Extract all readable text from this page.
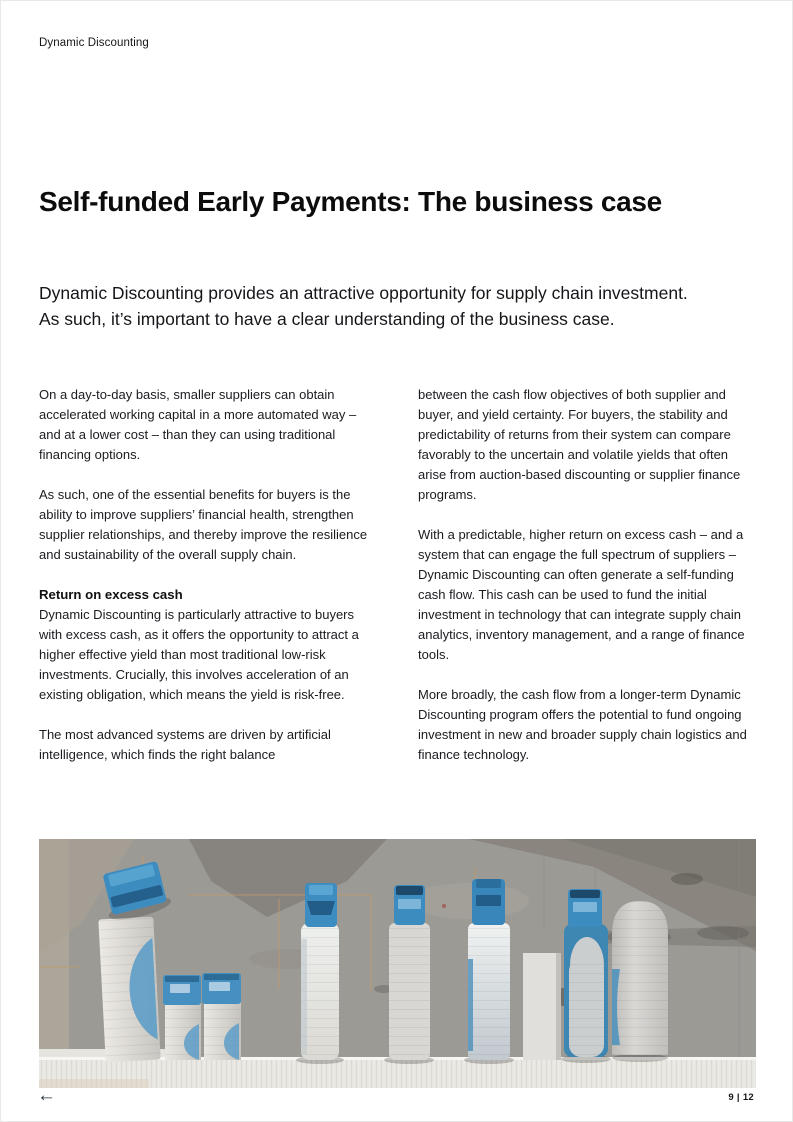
Dynamic Discounting
Self-funded Early Payments: The business case
Dynamic Discounting provides an attractive opportunity for supply chain investment. As such, it’s important to have a clear understanding of the business case.

On a day-to-day basis, smaller suppliers can obtain accelerated working capital in a more automated way – and at a lower cost – than they can using traditional financing options.

As such, one of the essential benefits for buyers is the ability to improve suppliers’ financial health, strengthen supplier relationships, and thereby improve the resilience and sustainability of the overall supply chain.

Return on excess cash

Dynamic Discounting is particularly attractive to buyers with excess cash, as it offers the opportunity to attract a higher effective yield than most traditional low-risk investments. Crucially, this involves acceleration of an existing obligation, which means the yield is risk-free.

The most advanced systems are driven by artificial intelligence, which finds the right balance

between the cash flow objectives of both supplier and buyer, and yield certainty. For buyers, the stability and predictability of returns from their system can compare favorably to the uncertain and volatile yields that often arise from auction-based discounting or supplier finance programs.

With a predictable, higher return on excess cash – and a system that can engage the full spectrum of suppliers – Dynamic Discounting can often generate a self-funding cash flow. This cash can be used to fund the initial investment in technology that can integrate supply chain analytics, inventory management, and a range of finance tools.

More broadly, the cash flow from a longer-term Dynamic Discounting program offers the potential to fund ongoing investment in new and broader supply chain logistics and finance technology.

←	9 | 12
